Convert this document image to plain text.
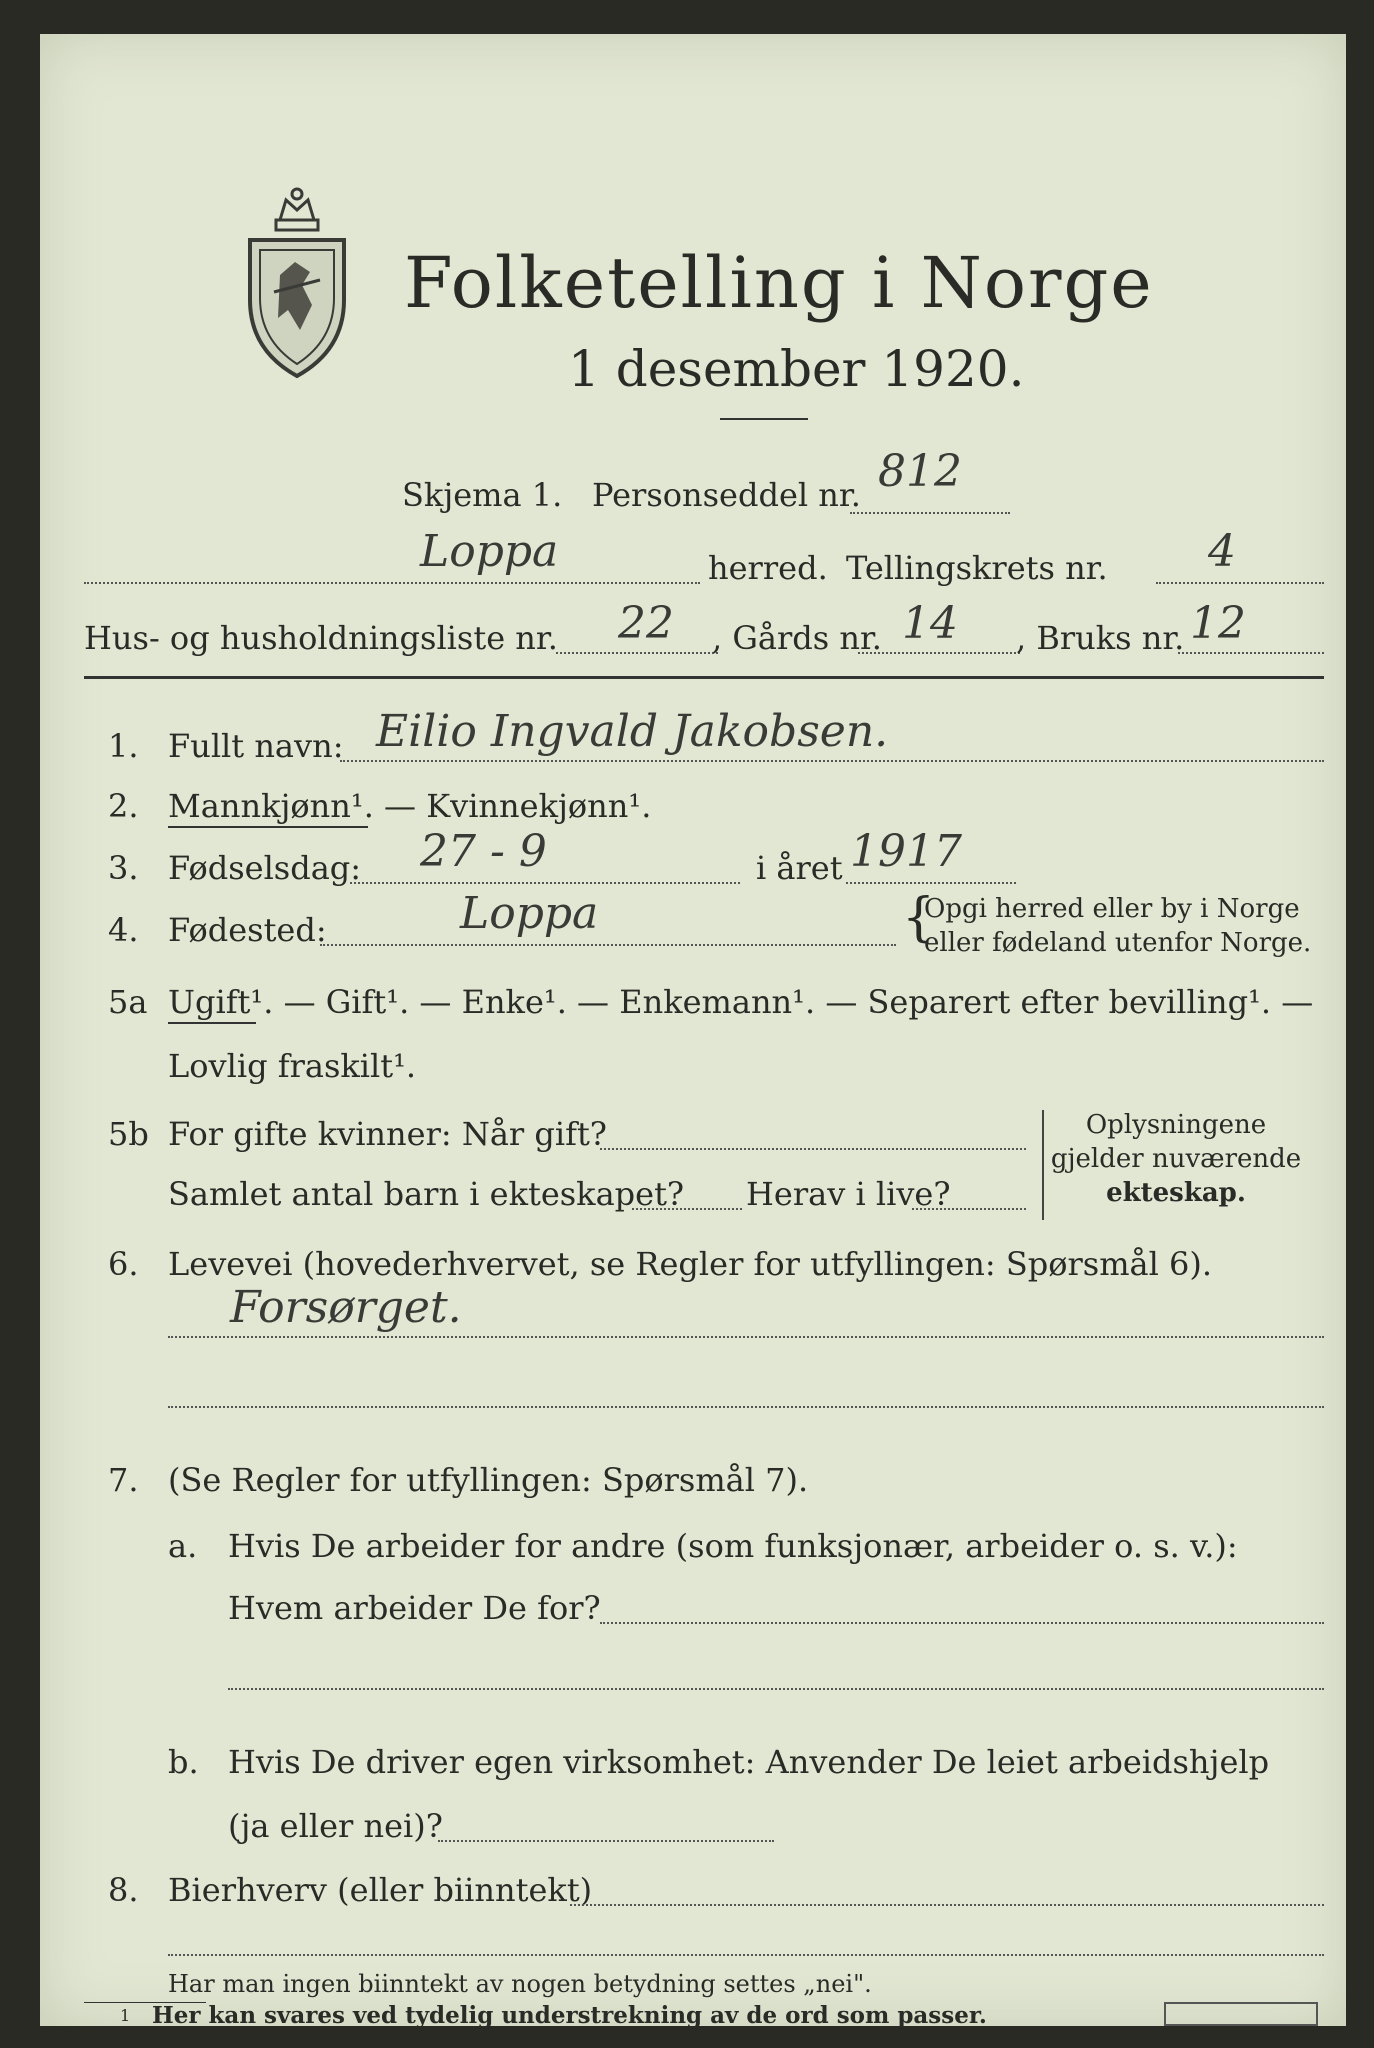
Folketelling i Norge
1 desember 1920.
Skjema 1. Personseddel nr. 812
Loppa	herred. Tellingskrets nr. 4
Hus- og husholdningsliste nr. 22 , Gårds nr. 14 , Bruks nr. 12
1. Fullt navn: Eilio Ingvald Jakobsen.
2. Mannkjønn¹. — Kvinnekjønn¹.
3. Fødselsdag: 27 - 9	i året 1917
4. Fødested:	Loppa	{
Opgi herred eller by i Norge
eller fødeland utenfor Norge.
5a Ugift¹. — Gift¹. — Enke¹. — Enkemann¹. — Separert efter bevilling¹. —
Lovlig fraskilt¹.
5b For gifte kvinner: Når gift?
Samlet antal barn i ekteskapet? Herav i live?
Oplysningene
gjelder nuværende
ekteskap.
6. Levevei (hovederhvervet, se Regler for utfyllingen: Spørsmål 6).
Forsørget.
7. (Se Regler for utfyllingen: Spørsmål 7).
a. Hvis De arbeider for andre (som funksjonær, arbeider o. s. v.):
Hvem arbeider De for?
b. Hvis De driver egen virksomhet: Anvender De leiet arbeidshjelp
(ja eller nei)?
8. Bierhverv (eller biinntekt)
Har man ingen biinntekt av nogen betydning settes „nei".
1 Her kan svares ved tydelig understrekning av de ord som passer.
